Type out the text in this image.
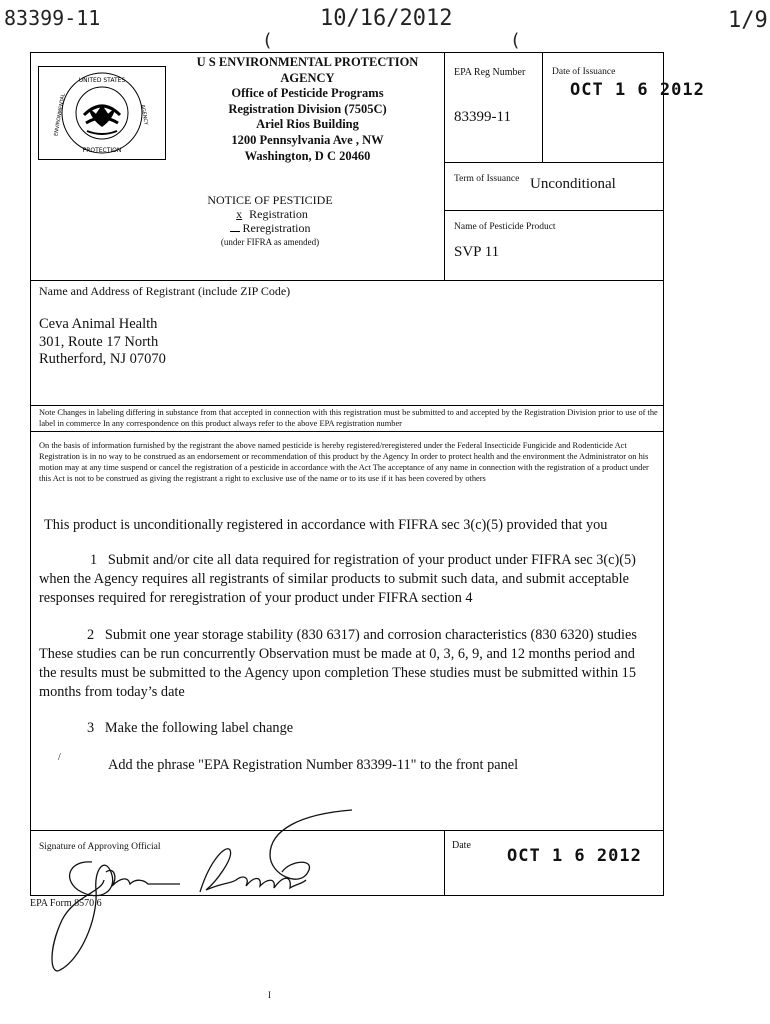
83399-11	10/16/2012	1/9
(	(
UNITED STATES
PROTECTION
ENVIRONMENTAL	AGENCY
U S ENVIRONMENTAL PROTECTION
AGENCY
Office of Pesticide Programs
Registration Division (7505C)
Ariel Rios Building
1200 Pennsylvania Ave , NW
Washington, D C 20460
NOTICE OF PESTICIDE
x Registration
Reregistration
(under FIFRA as amended)
EPA Reg Number
83399-11
Date of Issuance
OCT 1 6 2012
Term of Issuance Unconditional
Name of Pesticide Product
SVP 11
Name and Address of Registrant (include ZIP Code)
Ceva Animal Health
301, Route 17 North
Rutherford, NJ 07070
Note Changes in labeling differing in substance from that accepted in connection with this registration must be submitted to and accepted by the Registration Division prior to use of the label in commerce In any correspondence on this product always refer to the above EPA registration number
On the basis of information furnished by the registrant the above named pesticide is hereby registered/reregistered under the Federal Insecticide Fungicide and Rodenticide Act Registration is in no way to be construed as an endorsement or recommendation of this product by the Agency In order to protect health and the environment the Administrator on his motion may at any time suspend or cancel the registration of a pesticide in accordance with the Act The acceptance of any name in connection with the registration of a product under this Act is not to be construed as giving the registrant a right to exclusive use of the name or to its use if it has been covered by others
This product is unconditionally registered in accordance with FIFRA sec 3(c)(5) provided that you
1 Submit and/or cite all data required for registration of your product under FIFRA sec 3(c)(5) when the Agency requires all registrants of similar products to submit such data, and submit acceptable responses required for reregistration of your product under FIFRA section 4
2 Submit one year storage stability (830 6317) and corrosion characteristics (830 6320) studies These studies can be run concurrently Observation must be made at 0, 3, 6, 9, and 12 months period and the results must be submitted to the Agency upon completion These studies must be submitted within 15 months from today’s date
3 Make the following label change
Add the phrase "EPA Registration Number 83399-11" to the front panel
/
Signature of Approving Official	Date
OCT 1 6 2012
EPA Form 8570 6
I
